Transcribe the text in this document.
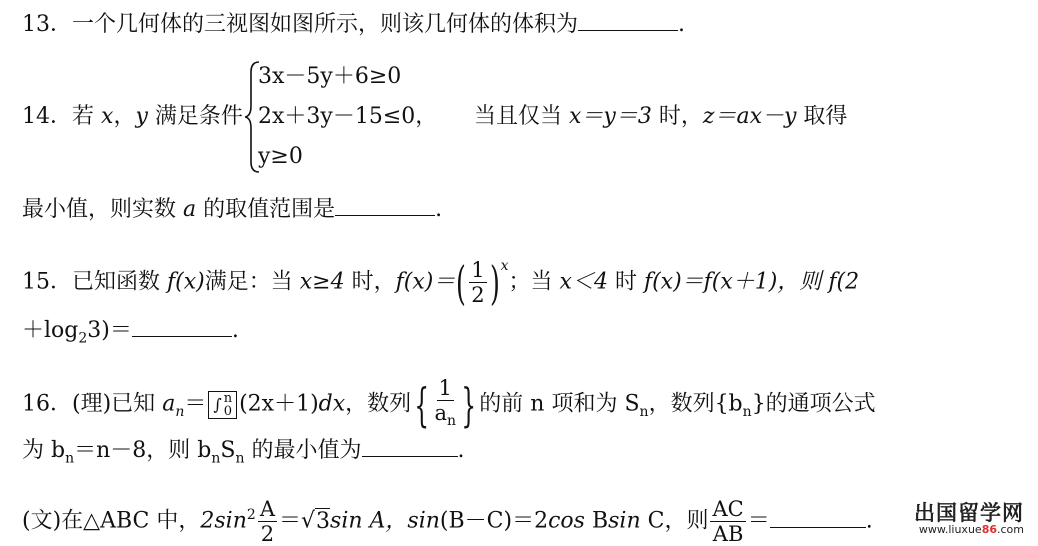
13．一个几何体的三视图如图所示，则该几何体的体积为	.
14．若 x，y 满足条件
3x－5y＋6≥0
2x＋3y－15≤0，
y≥0
当且仅当 x＝y＝3 时，z＝ax－y 取得
最小值，则实数 a 的取值范围是	.
15．已知函数 f(x)满足：当 x≥4 时，$f(x)=( \frac{1}{2} )^x$；当 x＜4 时 f(x)＝f(x＋1)，则 f(2
$+\log_23)=$	.
16．(理)已知 $a_n=$ ∫ n
0 (2x＋1)dx，数列{ $\frac{1}{a_n}$ } 的前 n 项和为 $S_n$，数列$\{b_n\}$的通项公式
为 $b_n=n-8$，则 $b_nS_n$ 的最小值为	.
(文)在△ABC 中，$2\sin^2 \frac{A}{2} =√3\sin$ A，sin(B－C)＝2cos Bsin C，则 $\frac{AC}{AB}$ ＝	. 出国留学网
www.liuxue86.com
